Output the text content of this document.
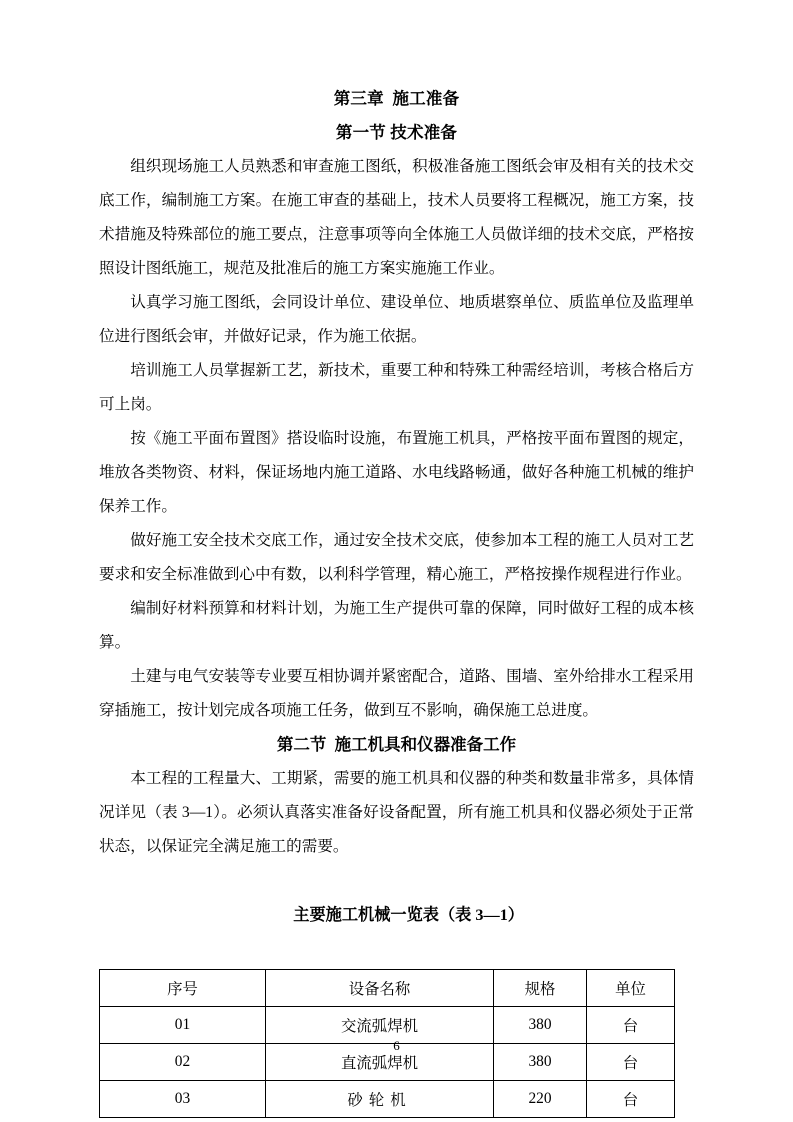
第三章  施工准备
第一节 技术准备

组织现场施工人员熟悉和审查施工图纸，积极准备施工图纸会审及相有关的技术交底工作，编制施工方案。在施工审查的基础上，技术人员要将工程概况，施工方案，技术措施及特殊部位的施工要点，注意事项等向全体施工人员做详细的技术交底，严格按照设计图纸施工，规范及批准后的施工方案实施施工作业。

认真学习施工图纸，会同设计单位、建设单位、地质堪察单位、质监单位及监理单位进行图纸会审，并做好记录，作为施工依据。

培训施工人员掌握新工艺，新技术，重要工种和特殊工种需经培训，考核合格后方可上岗。

按《施工平面布置图》搭设临时设施，布置施工机具，严格按平面布置图的规定，堆放各类物资、材料，保证场地内施工道路、水电线路畅通，做好各种施工机械的维护保养工作。

做好施工安全技术交底工作，通过安全技术交底，使参加本工程的施工人员对工艺要求和安全标准做到心中有数，以利科学管理，精心施工，严格按操作规程进行作业。

编制好材料预算和材料计划，为施工生产提供可靠的保障，同时做好工程的成本核算。

土建与电气安装等专业要互相协调并紧密配合，道路、围墙、室外给排水工程采用穿插施工，按计划完成各项施工任务，做到互不影响，确保施工总进度。

第二节  施工机具和仪器准备工作

本工程的工程量大、工期紧，需要的施工机具和仪器的种类和数量非常多，具体情况详见（表 3—1）。必须认真落实准备好设备配置，所有施工机具和仪器必须处于正常状态，以保证完全满足施工的需要。

主要施工机械一览表（表 3—1）

序号	设备名称	规格	单位
01	交流弧焊机	380	台
02	直流弧焊机	380	台
03	砂轮机	220	台
6
